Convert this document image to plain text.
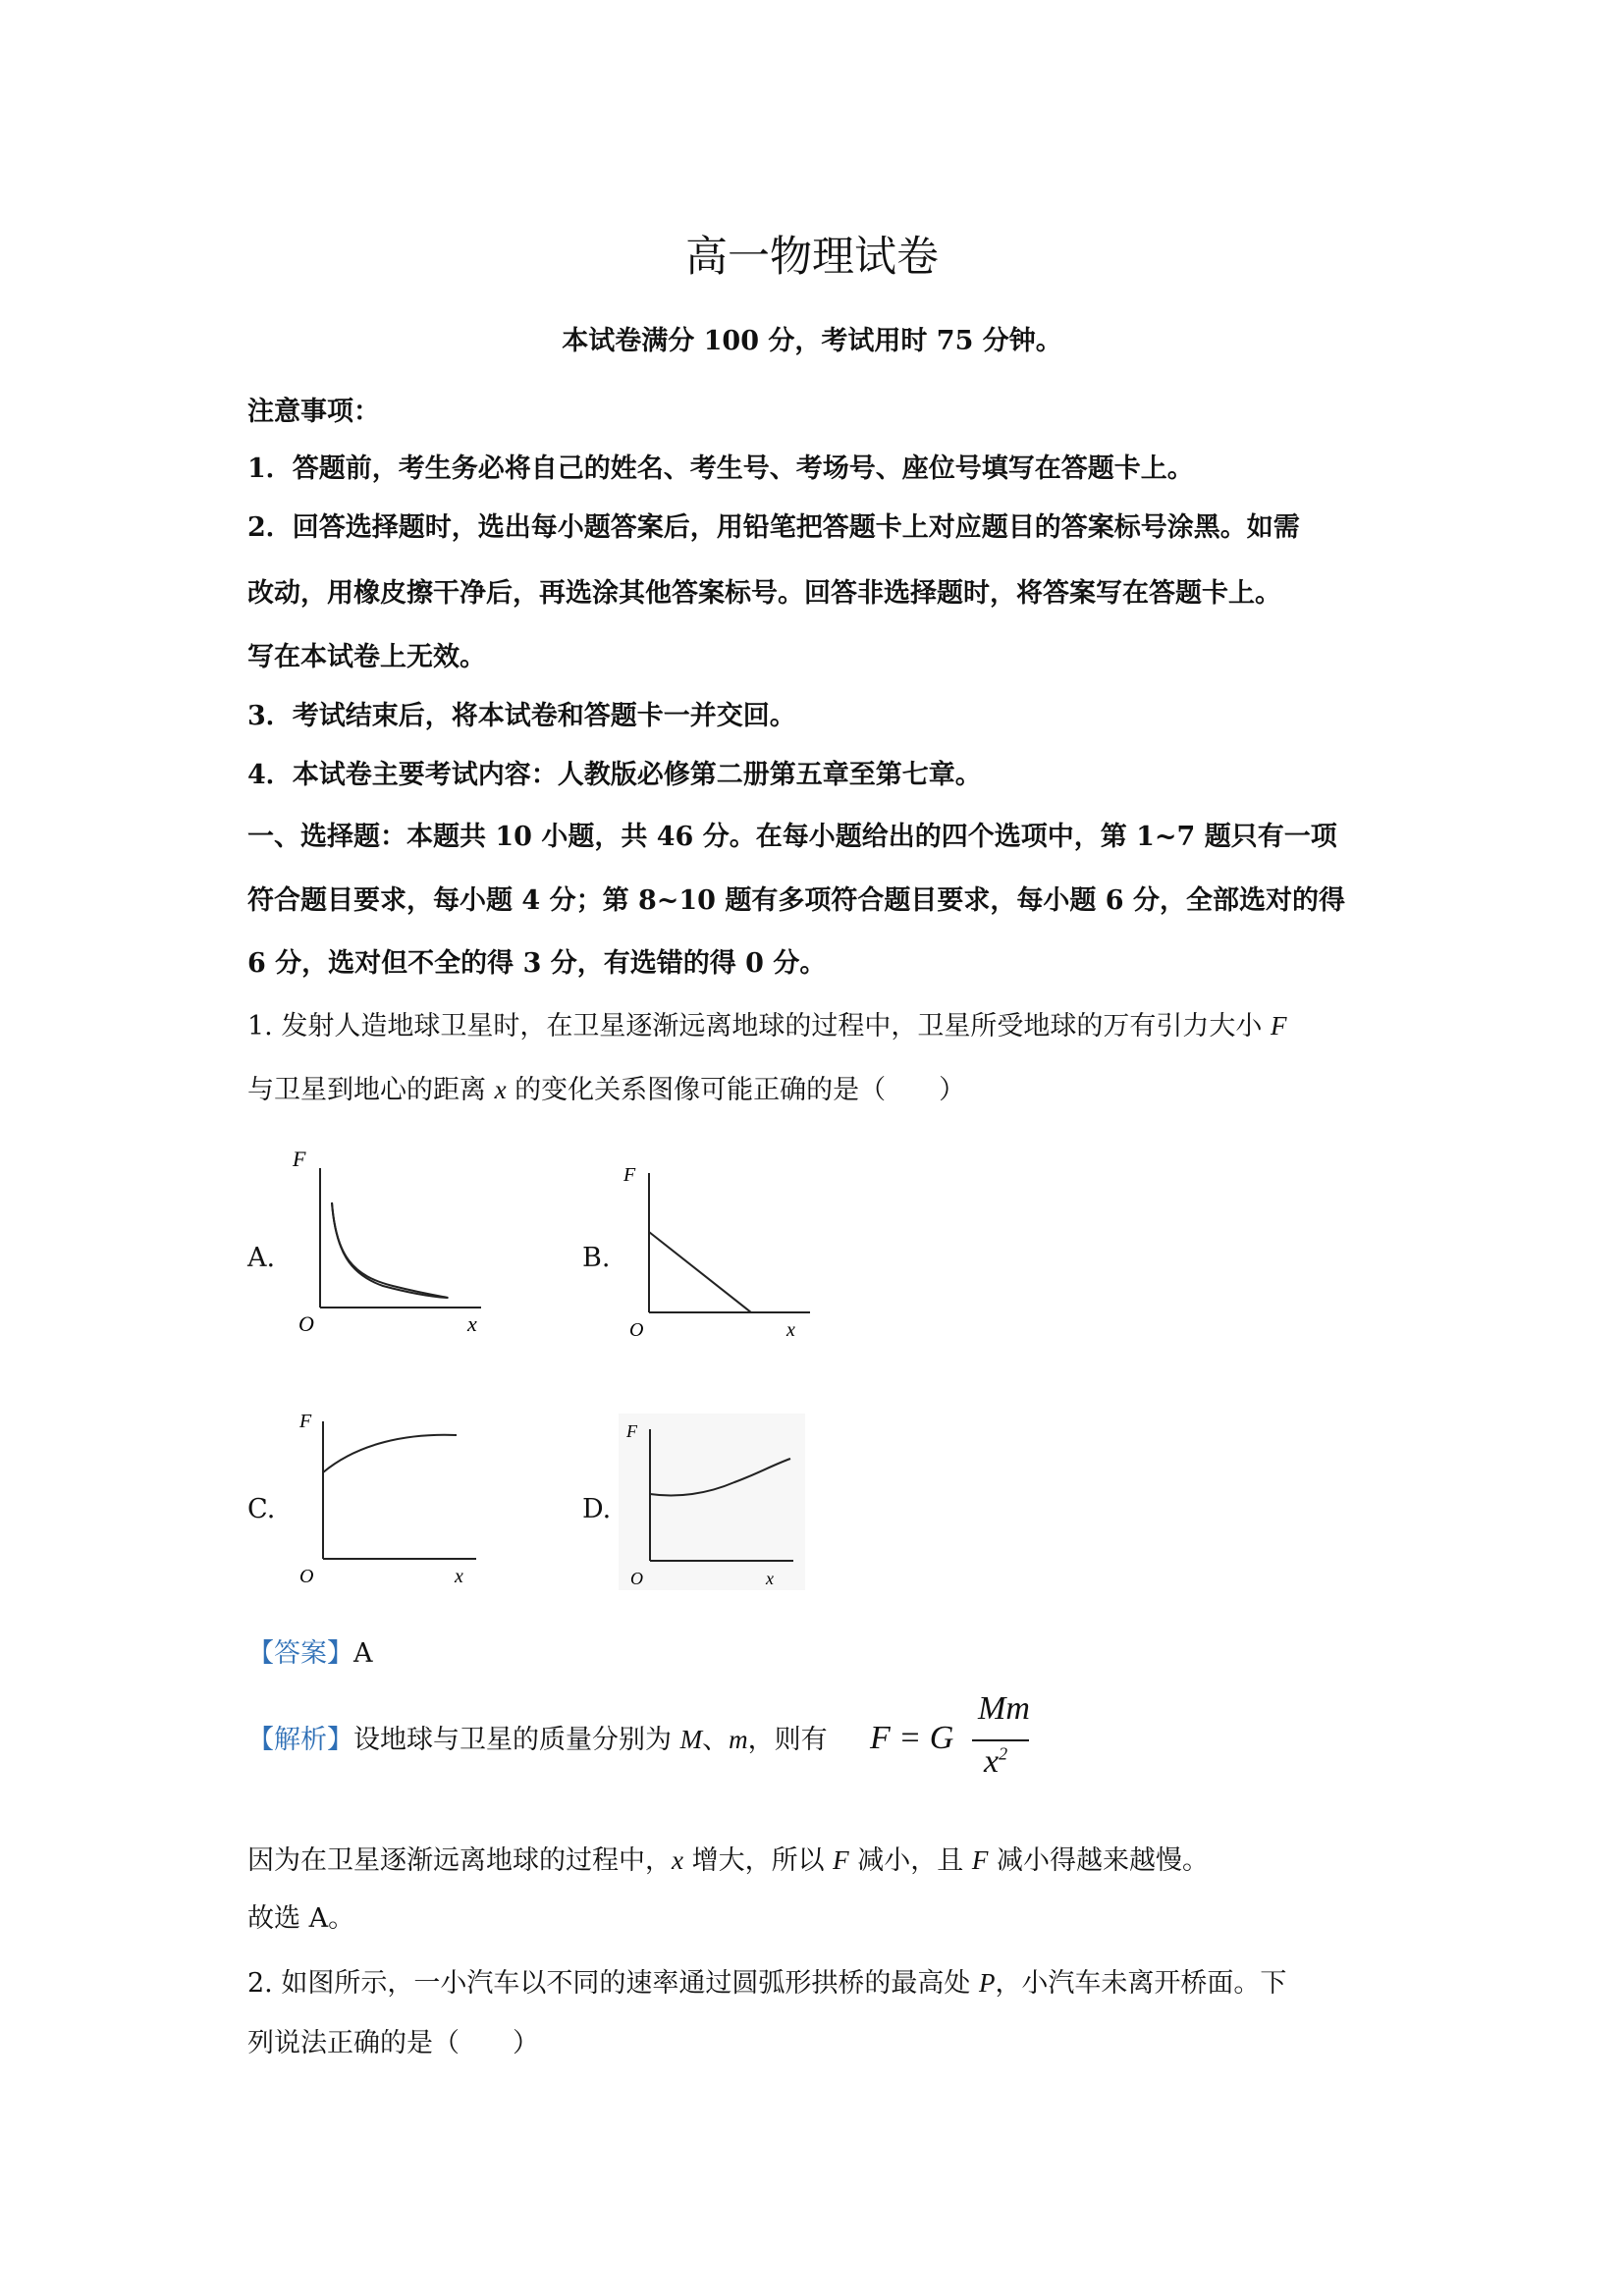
高一物理试卷
本试卷满分 100 分，考试用时 75 分钟。
注意事项：
1．答题前，考生务必将自己的姓名、考生号、考场号、座位号填写在答题卡上。
2．回答选择题时，选出每小题答案后，用铅笔把答题卡上对应题目的答案标号涂黑。如需
改动，用橡皮擦干净后，再选涂其他答案标号。回答非选择题时，将答案写在答题卡上。
写在本试卷上无效。
3．考试结束后，将本试卷和答题卡一并交回。
4．本试卷主要考试内容：人教版必修第二册第五章至第七章。
一、选择题：本题共 10 小题，共 46 分。在每小题给出的四个选项中，第 1~7 题只有一项
符合题目要求，每小题 4 分；第 8~10 题有多项符合题目要求，每小题 6 分，全部选对的得
6 分，选对但不全的得 3 分，有选错的得 0 分。
1. 发射人造地球卫星时，在卫星逐渐远离地球的过程中，卫星所受地球的万有引力大小 F
与卫星到地心的距离 x 的变化关系图像可能正确的是（　　）
A.
F
O	x
B.
F
O	x
C.
F
O	x
D.
F
O	x
【答案】A
【解析】设地球与卫星的质量分别为 M、m，则有	F = G
Mm
$x^2$
因为在卫星逐渐远离地球的过程中，x 增大，所以 F 减小，且 F 减小得越来越慢。
故选 A。
2. 如图所示，一小汽车以不同的速率通过圆弧形拱桥的最高处 P，小汽车未离开桥面。下
列说法正确的是（　　）
